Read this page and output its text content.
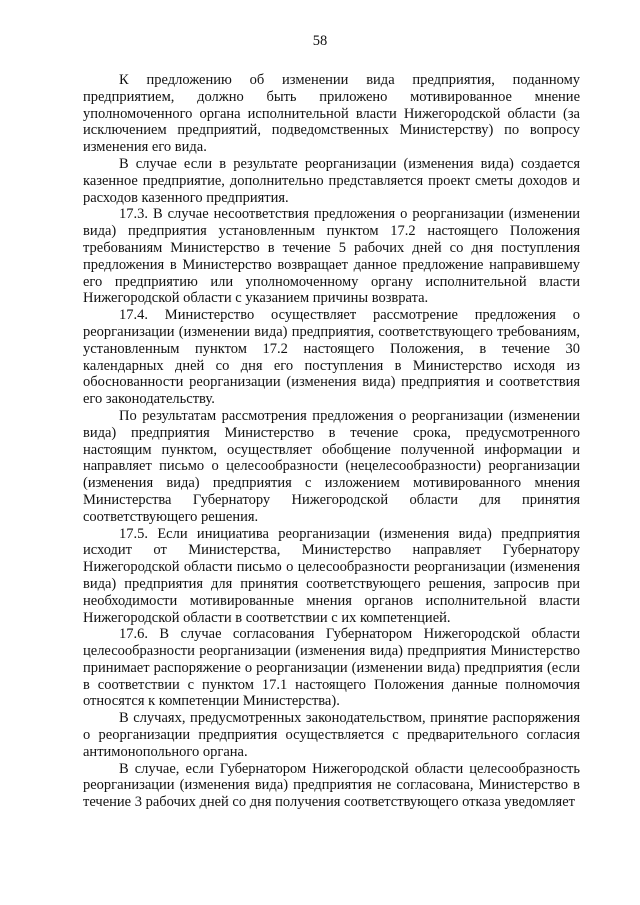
58

К предложению об изменении вида предприятия, поданному предприятием, должно быть приложено мотивированное мнение уполномоченного органа исполнительной власти Нижегородской области (за исключением предприятий, подведомственных Министерству) по вопросу изменения его вида.

В случае если в результате реорганизации (изменения вида) создается казенное предприятие, дополнительно представляется проект сметы доходов и расходов казенного предприятия.

17.3. В случае несоответствия предложения о реорганизации (изменении вида) предприятия установленным пунктом 17.2 настоящего Положения требованиям Министерство в течение 5 рабочих дней со дня поступления предложения в Министерство возвращает данное предложение направившему его предприятию или уполномоченному органу исполнительной власти Нижегородской области с указанием причины возврата.

17.4. Министерство осуществляет рассмотрение предложения о реорганизации (изменении вида) предприятия, соответствующего требованиям, установленным пунктом 17.2 настоящего Положения, в течение 30 календарных дней со дня его поступления в Министерство исходя из обоснованности реорганизации (изменения вида) предприятия и соответствия его законодательству.

По результатам рассмотрения предложения о реорганизации (изменении вида) предприятия Министерство в течение срока, предусмотренного настоящим пунктом, осуществляет обобщение полученной информации и направляет письмо о целесообразности (нецелесообразности) реорганизации (изменения вида) предприятия с изложением мотивированного мнения Министерства Губернатору Нижегородской области для принятия соответствующего решения.

17.5. Если инициатива реорганизации (изменения вида) предприятия исходит от Министерства, Министерство направляет Губернатору Нижегородской области письмо о целесообразности реорганизации (изменения вида) предприятия для принятия соответствующего решения, запросив при необходимости мотивированные мнения органов исполнительной власти Нижегородской области в соответствии с их компетенцией.

17.6. В случае согласования Губернатором Нижегородской области целесообразности реорганизации (изменения вида) предприятия Министерство принимает распоряжение о реорганизации (изменении вида) предприятия (если в соответствии с пунктом 17.1 настоящего Положения данные полномочия относятся к компетенции Министерства).

В случаях, предусмотренных законодательством, принятие распоряжения о реорганизации предприятия осуществляется с предварительного согласия антимонопольного органа.

В случае, если Губернатором Нижегородской области целесообразность реорганизации (изменения вида) предприятия не согласована, Министерство в течение 3 рабочих дней со дня получения соответствующего отказа уведомляет
